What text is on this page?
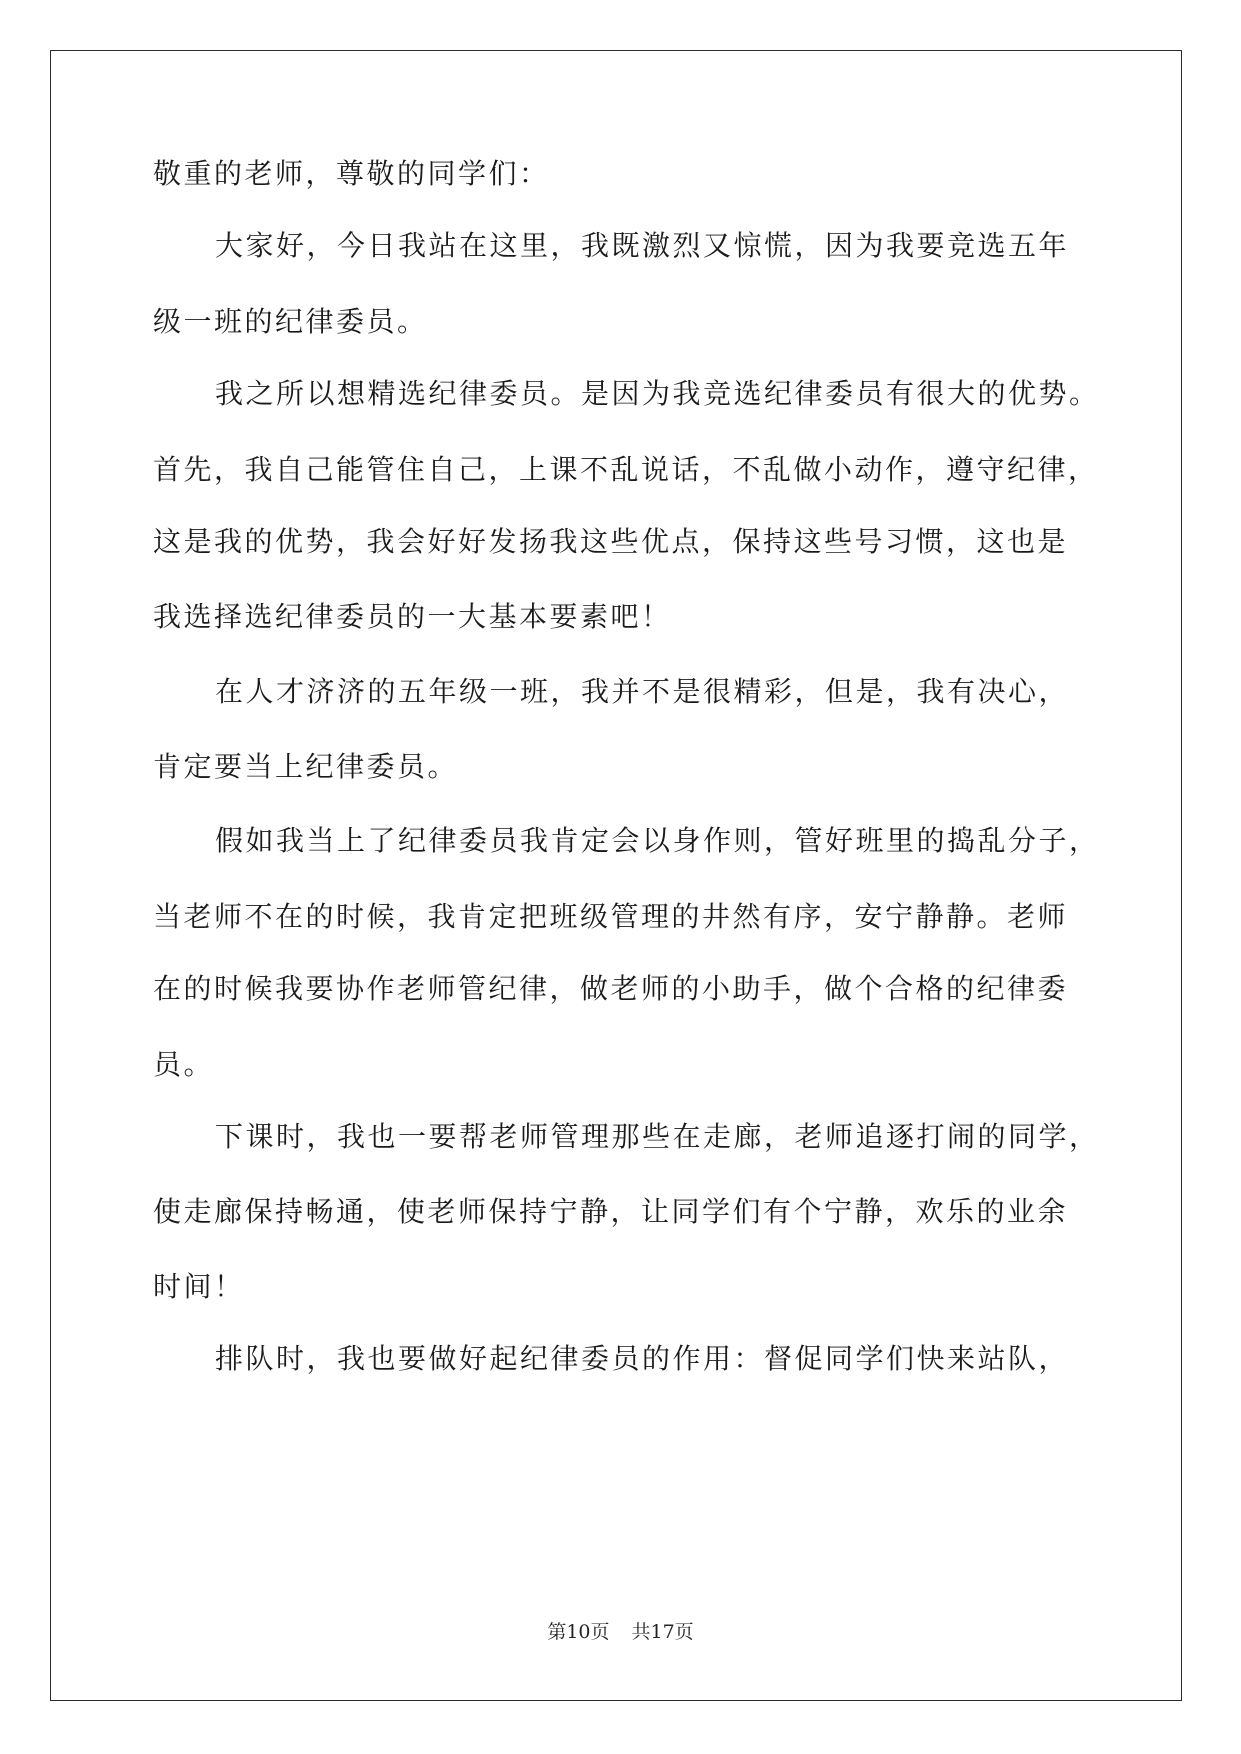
敬重的老师，尊敬的同学们：
大家好，今日我站在这里，我既激烈又惊慌，因为我要竞选五年
级一班的纪律委员。
我之所以想精选纪律委员。是因为我竞选纪律委员有很大的优势。
首先，我自己能管住自己，上课不乱说话，不乱做小动作，遵守纪律，
这是我的优势，我会好好发扬我这些优点，保持这些号习惯，这也是
我选择选纪律委员的一大基本要素吧！
在人才济济的五年级一班，我并不是很精彩，但是，我有决心，
肯定要当上纪律委员。
假如我当上了纪律委员我肯定会以身作则，管好班里的捣乱分子，
当老师不在的时候，我肯定把班级管理的井然有序，安宁静静。老师
在的时候我要协作老师管纪律，做老师的小助手，做个合格的纪律委
员。
下课时，我也一要帮老师管理那些在走廊，老师追逐打闹的同学，
使走廊保持畅通，使老师保持宁静，让同学们有个宁静，欢乐的业余
时间！
排队时，我也要做好起纪律委员的作用：督促同学们快来站队，
第10页 共17页
